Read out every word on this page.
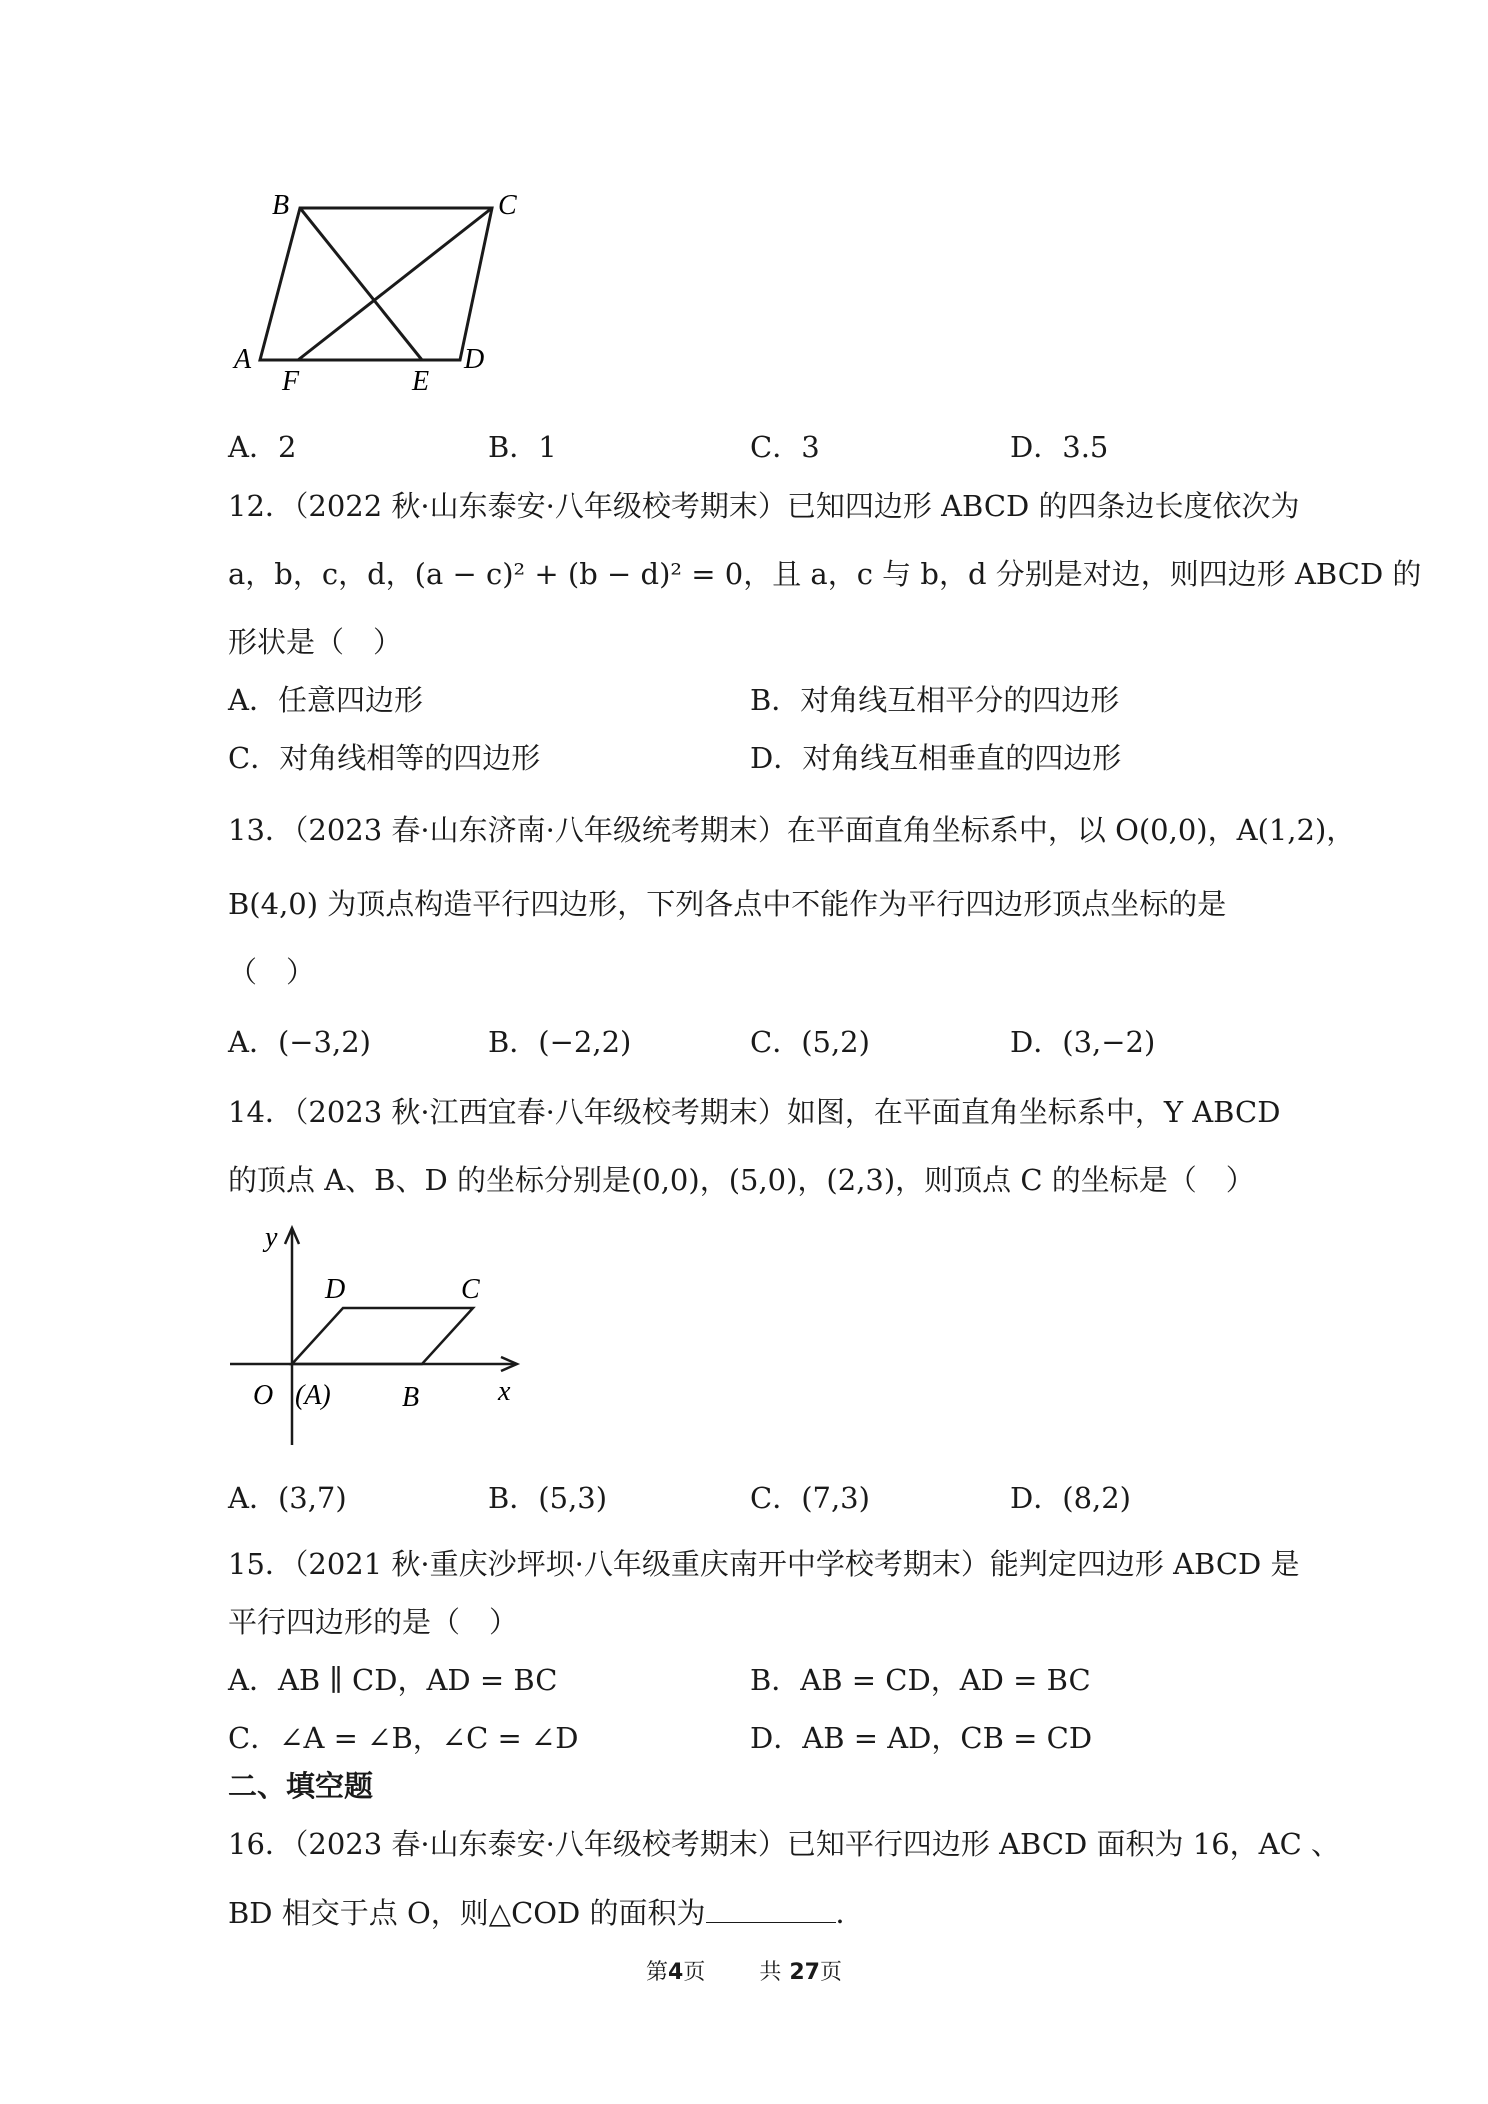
B	C
A	D
F	E
A．2	B．1	C．3	D．3.5
12．（2022 秋·山东泰安·八年级校考期末）已知四边形 ABCD 的四条边长度依次为
a，b，c，d，(a − c)² + (b − d)² = 0，且 a，c 与 b，d 分别是对边，则四边形 ABCD 的
形状是（　）
A．任意四边形	B．对角线互相平分的四边形
C．对角线相等的四边形	D．对角线互相垂直的四边形
13．（2023 春·山东济南·八年级统考期末）在平面直角坐标系中，以 O(0,0)，A(1,2)，
B(4,0) 为顶点构造平行四边形，下列各点中不能作为平行四边形顶点坐标的是
（　）
A．(−3,2)	B．(−2,2)	C．(5,2)	D．(3,−2)
14．（2023 秋·江西宜春·八年级校考期末）如图，在平面直角坐标系中，Y ABCD
的顶点 A、B、D 的坐标分别是(0,0)，(5,0)，(2,3)，则顶点 C 的坐标是（　）
y
x
D	C
O (A)	B
A．(3,7)	B．(5,3)	C．(7,3)	D．(8,2)
15．（2021 秋·重庆沙坪坝·八年级重庆南开中学校考期末）能判定四边形 ABCD 是
平行四边形的是（　）
A．AB ∥ CD，AD = BC	B．AB = CD，AD = BC
C．∠A = ∠B，∠C = ∠D	D．AB = AD，CB = CD
二、填空题
16．（2023 春·山东泰安·八年级校考期末）已知平行四边形 ABCD 面积为 16，AC 、
BD 相交于点 O，则△COD 的面积为	．
第4页 共 27页
